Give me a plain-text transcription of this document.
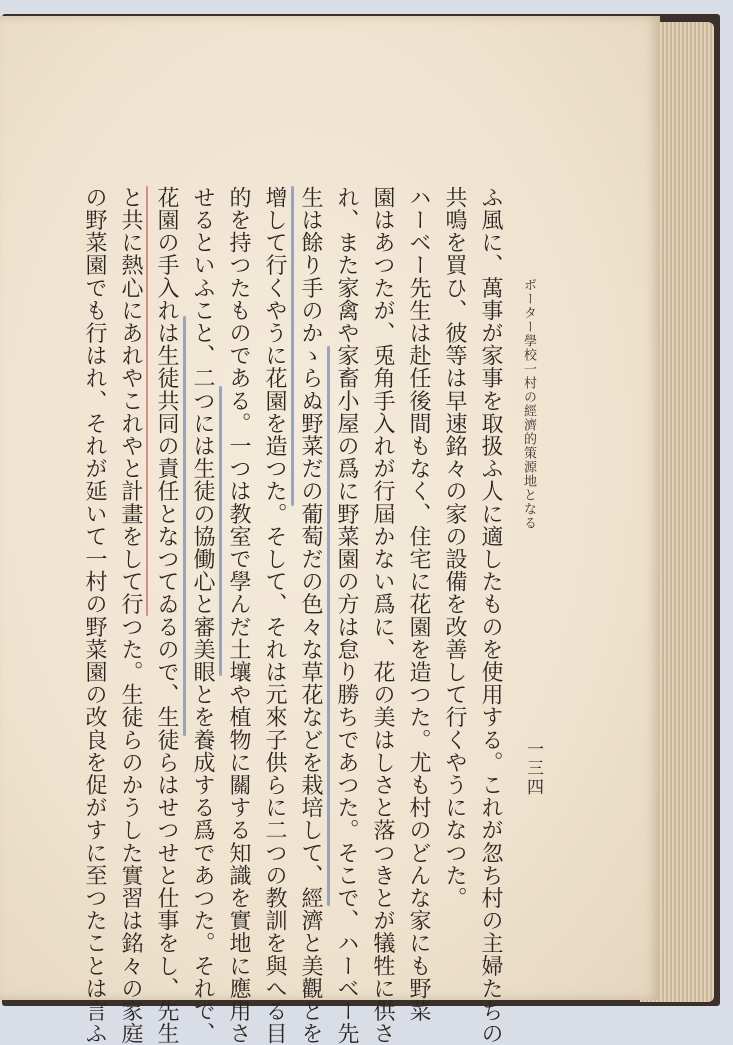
ボーター學校一村の經濟的策源地となる
一三四
ふ風に、萬事が家事を取扱ふ人に適したものを使用する。これが忽ち村の主婦たちの
共鳴を買ひ、彼等は早速銘々の家の設備を改善して行くやうになつた。
ハーベー先生は赴任後間もなく、住宅に花園を造つた。尤も村のどんな家にも野菜
園はあつたが、兎角手入れが行屆かない爲に、花の美はしさと落つきとが犠牲に供さ
れ、また家禽や家畜小屋の爲に野菜園の方は怠り勝ちであつた。そこで、ハーベー先
生は餘り手のかゝらぬ野菜だの葡萄だの色々な草花などを栽培して、經濟と美觀とを
增して行くやうに花園を造つた。そして、それは元來子供らに二つの教訓を與へる目
的を持つたものである。一つは教室で學んだ土壤や植物に關する知識を實地に應用さ
せるといふこと、二つには生徒の協働心と審美眼とを養成する爲であつた。それで、
花園の手入れは生徒共同の責任となつてゐるので、生徒らはせつせと仕事をし、先生
と共に熱心にあれやこれやと計畫をして行つた。生徒らのかうした實習は銘々の家庭
の野菜園でも行はれ、それが延いて一村の野菜園の改良を促がすに至つたことは言ふ
